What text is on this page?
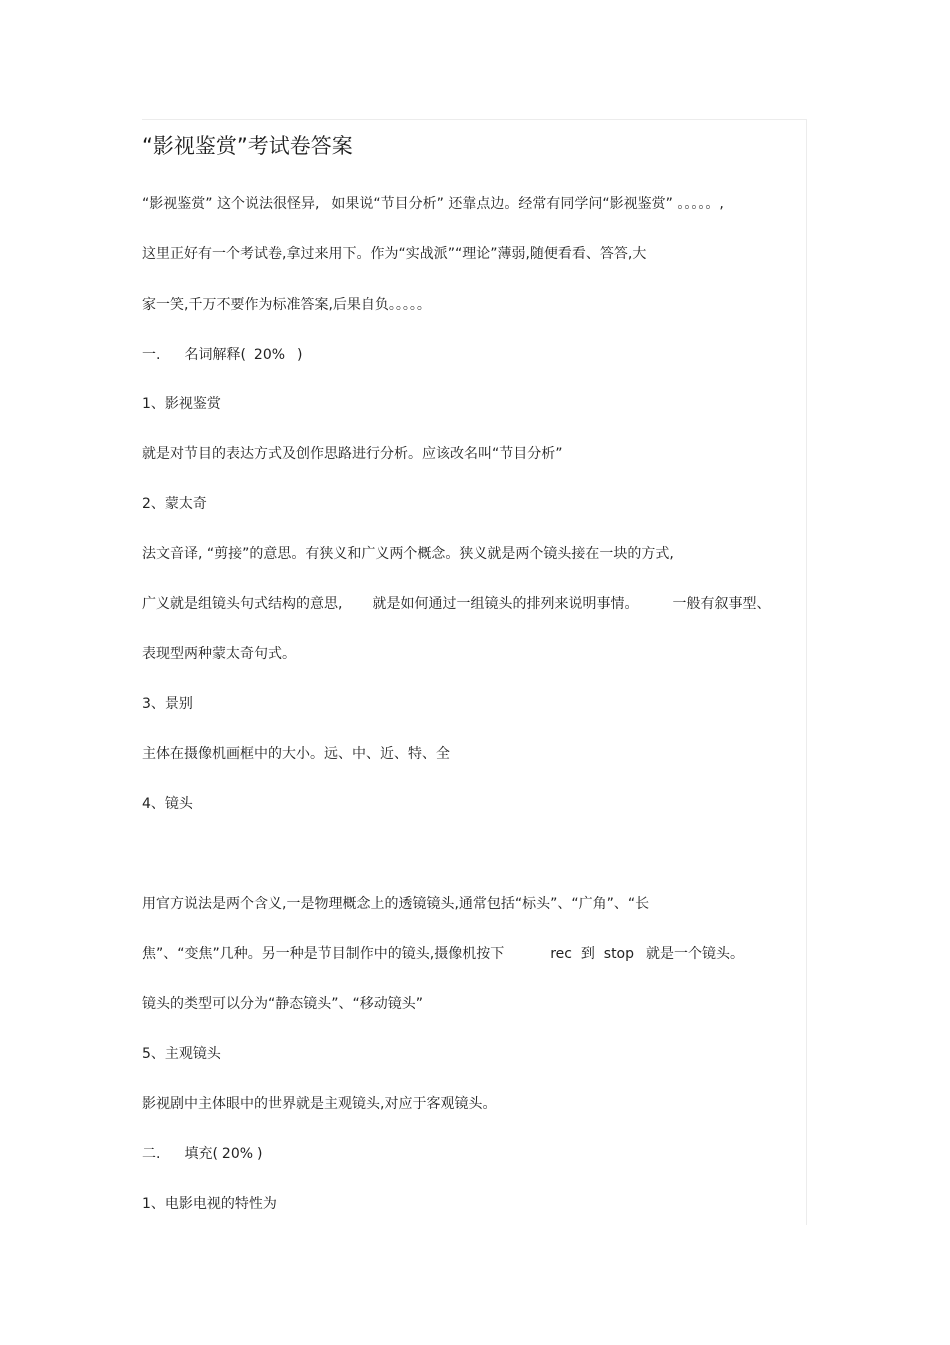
“影视鉴赏”考试卷答案
“影视鉴赏” 这个说法很怪异, 如果说“节目分析” 还靠点边。经常有同学问“影视鉴赏” 。。。。。,
这里正好有一个考试卷,拿过来用下。作为“实战派”“理论”薄弱,随便看看、答答,大
家一笑,千万不要作为标准答案,后果自负。。。。。
一. 名词解释( 20% )
1、影视鉴赏
就是对节目的表达方式及创作思路进行分析。应该改名叫“节目分析”
2、蒙太奇
法文音译, “剪接”的意思。有狭义和广义两个概念。狭义就是两个镜头接在一块的方式,
广义就是组镜头句式结构的意思, 就是如何通过一组镜头的排列来说明事情。 一般有叙事型、
表现型两种蒙太奇句式。
3、景别
主体在摄像机画框中的大小。远、中、近、特、全
4、镜头
用官方说法是两个含义,一是物理概念上的透镜镜头,通常包括“标头”、“广角”、“长
焦”、“变焦”几种。另一种是节目制作中的镜头,摄像机按下	rec  到  stop 就是一个镜头。
镜头的类型可以分为“静态镜头”、“移动镜头”
5、主观镜头
影视剧中主体眼中的世界就是主观镜头,对应于客观镜头。
二. 填充( 20% )
1、电影电视的特性为
